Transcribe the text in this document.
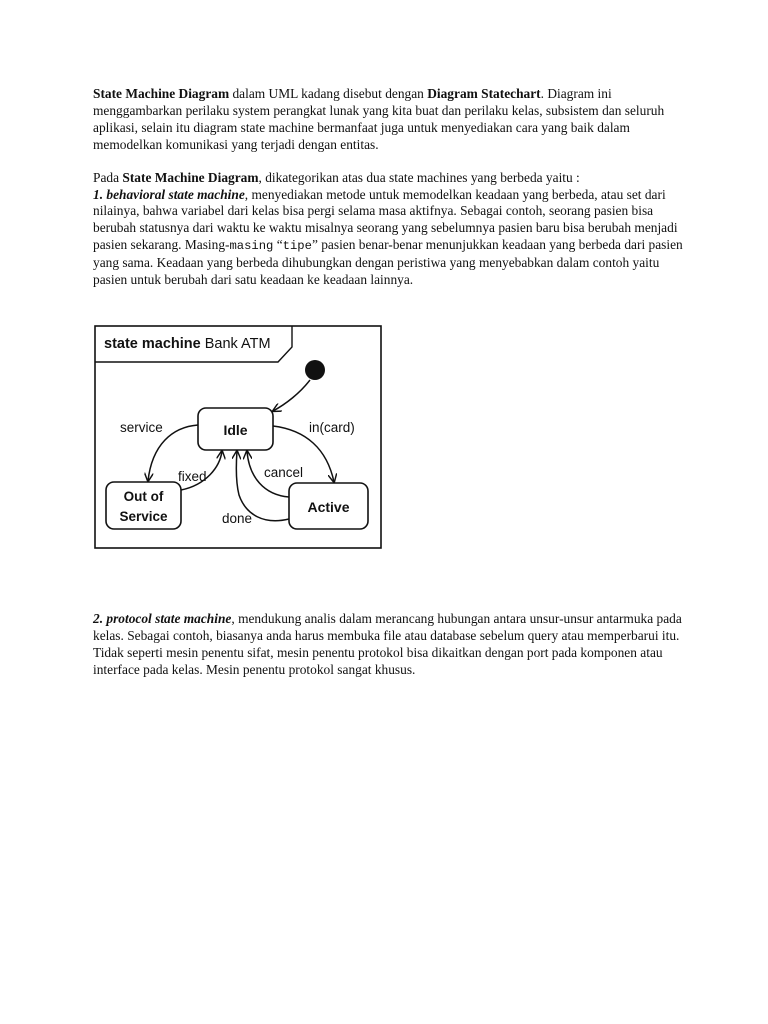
State Machine Diagram dalam UML kadang disebut dengan Diagram Statechart. Diagram ini menggambarkan perilaku system perangkat lunak yang kita buat dan perilaku kelas, subsistem dan seluruh aplikasi, selain itu diagram state machine bermanfaat juga untuk menyediakan cara yang baik dalam memodelkan komunikasi yang terjadi dengan entitas.

Pada State Machine Diagram, dikategorikan atas dua state machines yang berbeda yaitu :
1. behavioral state machine, menyediakan metode untuk memodelkan keadaan yang berbeda, atau set dari nilainya, bahwa variabel dari kelas bisa pergi selama masa aktifnya. Sebagai contoh, seorang pasien bisa berubah statusnya dari waktu ke waktu misalnya seorang yang sebelumnya pasien baru bisa berubah menjadi pasien sekarang. Masing-masing “tipe” pasien benar-benar menunjukkan keadaan yang berbeda dari pasien yang sama. Keadaan yang berbeda dihubungkan dengan peristiwa yang menyebabkan dalam contoh yaitu pasien untuk berubah dari satu keadaan ke keadaan lainnya.

state machine Bank ATM
Idle
Out of
Service
Active
service
fixed
in(card)
cancel
done

2. protocol state machine, mendukung analis dalam merancang hubungan antara unsur-unsur antarmuka pada kelas. Sebagai contoh, biasanya anda harus membuka file atau database sebelum query atau memperbarui itu. Tidak seperti mesin penentu sifat, mesin penentu protokol bisa dikaitkan dengan port pada komponen atau interface pada kelas. Mesin penentu protokol sangat khusus.
